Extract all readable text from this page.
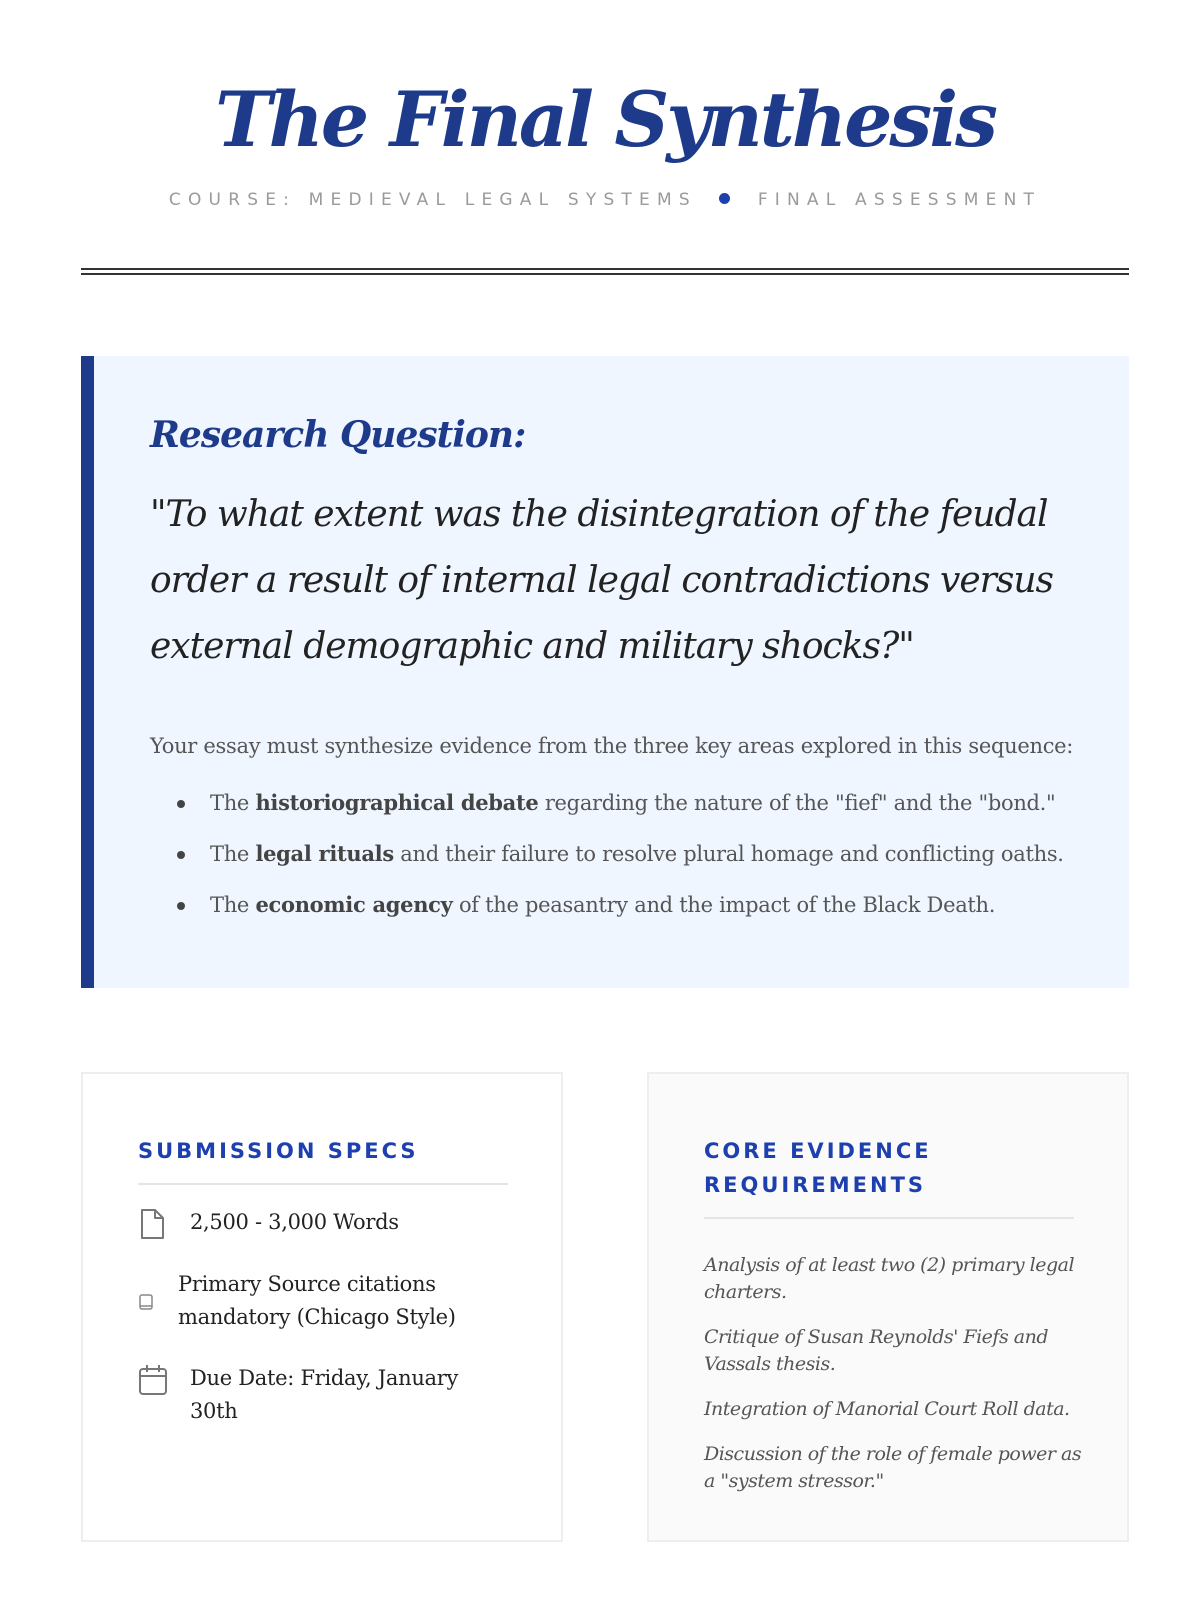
The Final Synthesis
COURSE: MEDIEVAL LEGAL SYSTEMS	FINAL ASSESSMENT
Research Question:

"To what extent was the disintegration of the feudal order a result of internal legal contradictions versus external demographic and military shocks?"

Your essay must synthesize evidence from the three key areas explored in this sequence:

The historiographical debate regarding the nature of the "fief" and the "bond."
The legal rituals and their failure to resolve plural homage and conflicting oaths.
The economic agency of the peasantry and the impact of the Black Death.
SUBMISSION SPECS
2,500 - 3,000 Words
Primary Source citations mandatory (Chicago Style)
Due Date: Friday, January 30th
CORE EVIDENCE REQUIREMENTS
Analysis of at least two (2) primary legal charters.
Critique of Susan Reynolds' Fiefs and Vassals thesis.
Integration of Manorial Court Roll data.
Discussion of the role of female power as a "system stressor."
